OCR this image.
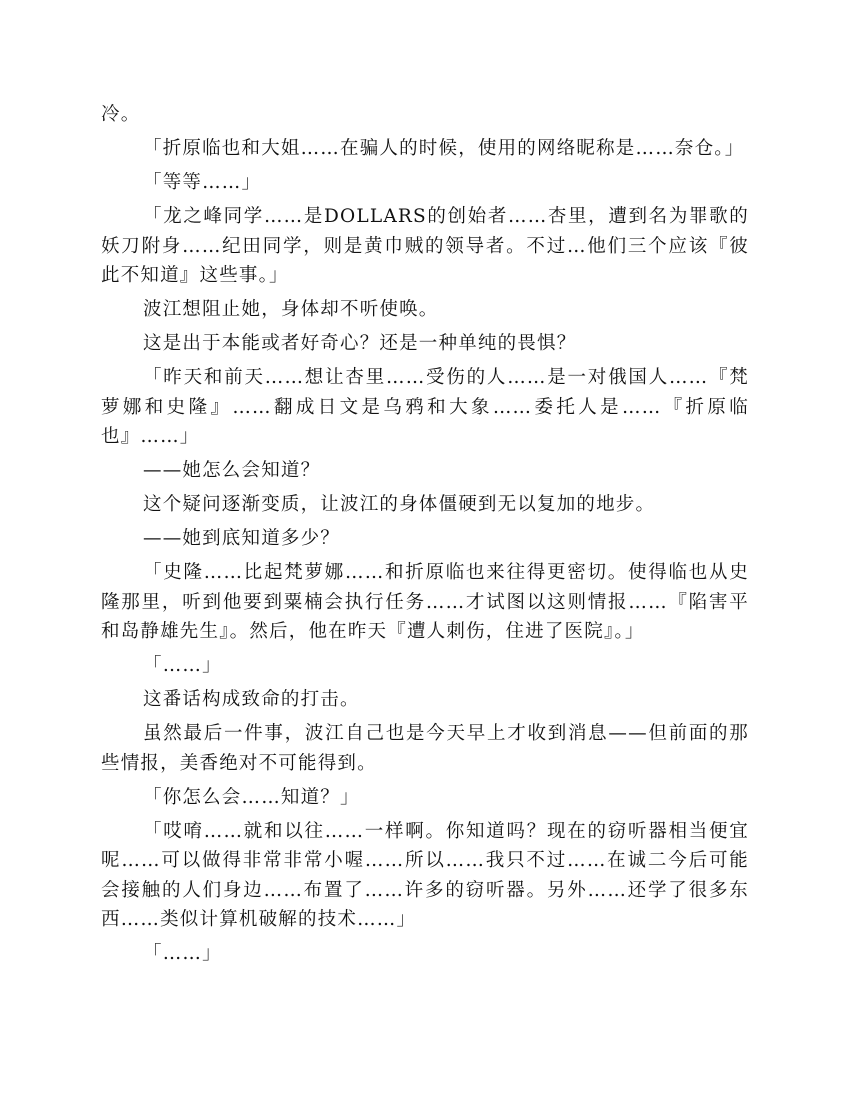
冷。

「折原临也和大姐……在骗人的时候，使用的网络昵称是……奈仓。」

「等等……」

「龙之峰同学……是DOLLARS的创始者……杏里，遭到名为罪歌的妖刀附身……纪田同学，则是黄巾贼的领导者。不过…他们三个应该『彼此不知道』这些事。」

波江想阻止她，身体却不听使唤。

这是出于本能或者好奇心？还是一种单纯的畏惧？

「昨天和前天……想让杏里……受伤的人……是一对俄国人……『梵萝娜和史隆』……翻成日文是乌鸦和大象……委托人是……『折原临也』……」

——她怎么会知道？

这个疑问逐渐变质，让波江的身体僵硬到无以复加的地步。

——她到底知道多少？

「史隆……比起梵萝娜……和折原临也来往得更密切。使得临也从史隆那里，听到他要到粟楠会执行任务……才试图以这则情报……『陷害平和岛静雄先生』。然后，他在昨天『遭人刺伤，住进了医院』。」

「……」

这番话构成致命的打击。

虽然最后一件事，波江自己也是今天早上才收到消息——但前面的那些情报，美香绝对不可能得到。

「你怎么会……知道？」

「哎唷……就和以往……一样啊。你知道吗？现在的窃听器相当便宜呢……可以做得非常非常小喔……所以……我只不过……在诚二今后可能会接触的人们身边……布置了……许多的窃听器。另外……还学了很多东西……类似计算机破解的技术……」

「……」
